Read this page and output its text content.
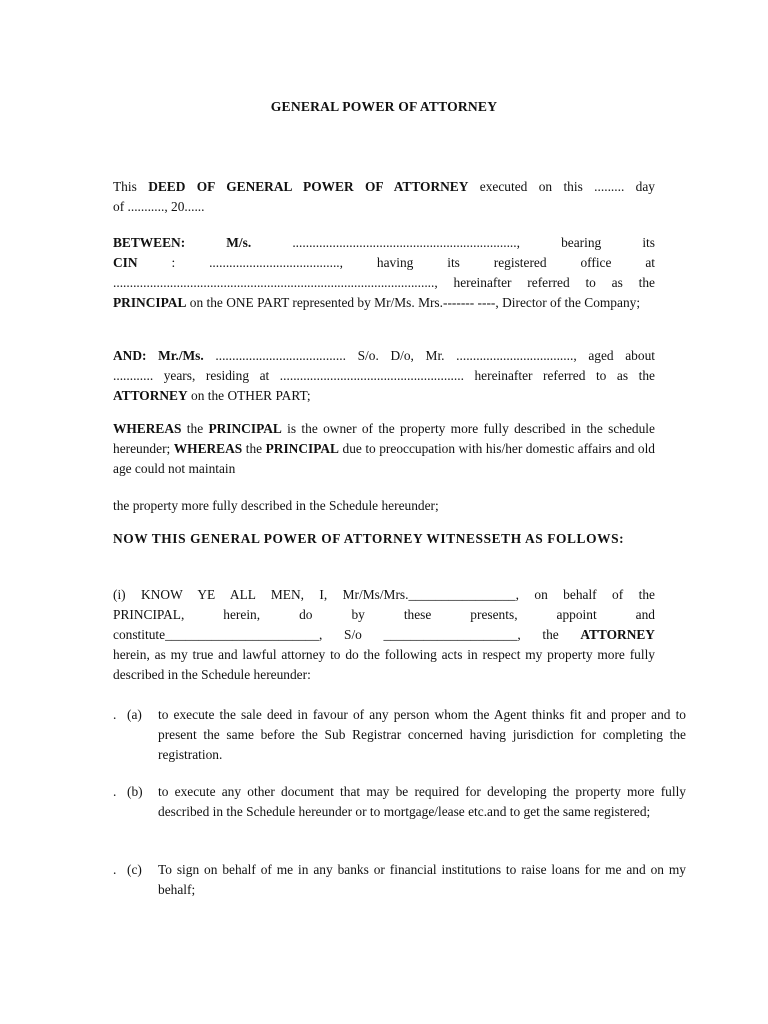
GENERAL POWER OF ATTORNEY
This DEED OF GENERAL POWER OF ATTORNEY executed on this ......... day
of ..........., 20......
BETWEEN:	M/s.	..................................................................., bearing its
CIN	: ......................................., having its registered office at
................................................................................................, hereinafter referred to as the
PRINCIPAL on the ONE PART represented by Mr/Ms. Mrs.------- ----, Director of the Company;
AND: Mr./Ms. ....................................... S/o. D/o, Mr. ..................................., aged about
............ years, residing at ....................................................... hereinafter referred to as the
ATTORNEY on the OTHER PART;
WHEREAS the PRINCIPAL is the owner of the property more fully described in the schedule hereunder; WHEREAS the PRINCIPAL due to preoccupation with his/her domestic affairs and old age could not maintain
the property more fully described in the Schedule hereunder;
NOW THIS GENERAL POWER OF ATTORNEY WITNESSETH AS FOLLOWS:
(i) KNOW YE ALL MEN, I, Mr/Ms/Mrs.________________, on behalf of the
PRINCIPAL, herein, do by these presents, appoint and
constitute_______________________, S/o ____________________, the ATTORNEY
herein, as my true and lawful attorney to do the following acts in respect my property more fully described in the Schedule hereunder:
. (a) to execute the sale deed in favour of any person whom the Agent thinks fit and proper and to present the same before the Sub Registrar concerned having jurisdiction for completing the registration.
. (b) to execute any other document that may be required for developing the property more fully described in the Schedule hereunder or to mortgage/lease etc.and to get the same registered;
. (c) To sign on behalf of me in any banks or financial institutions to raise loans for me and on my behalf;
